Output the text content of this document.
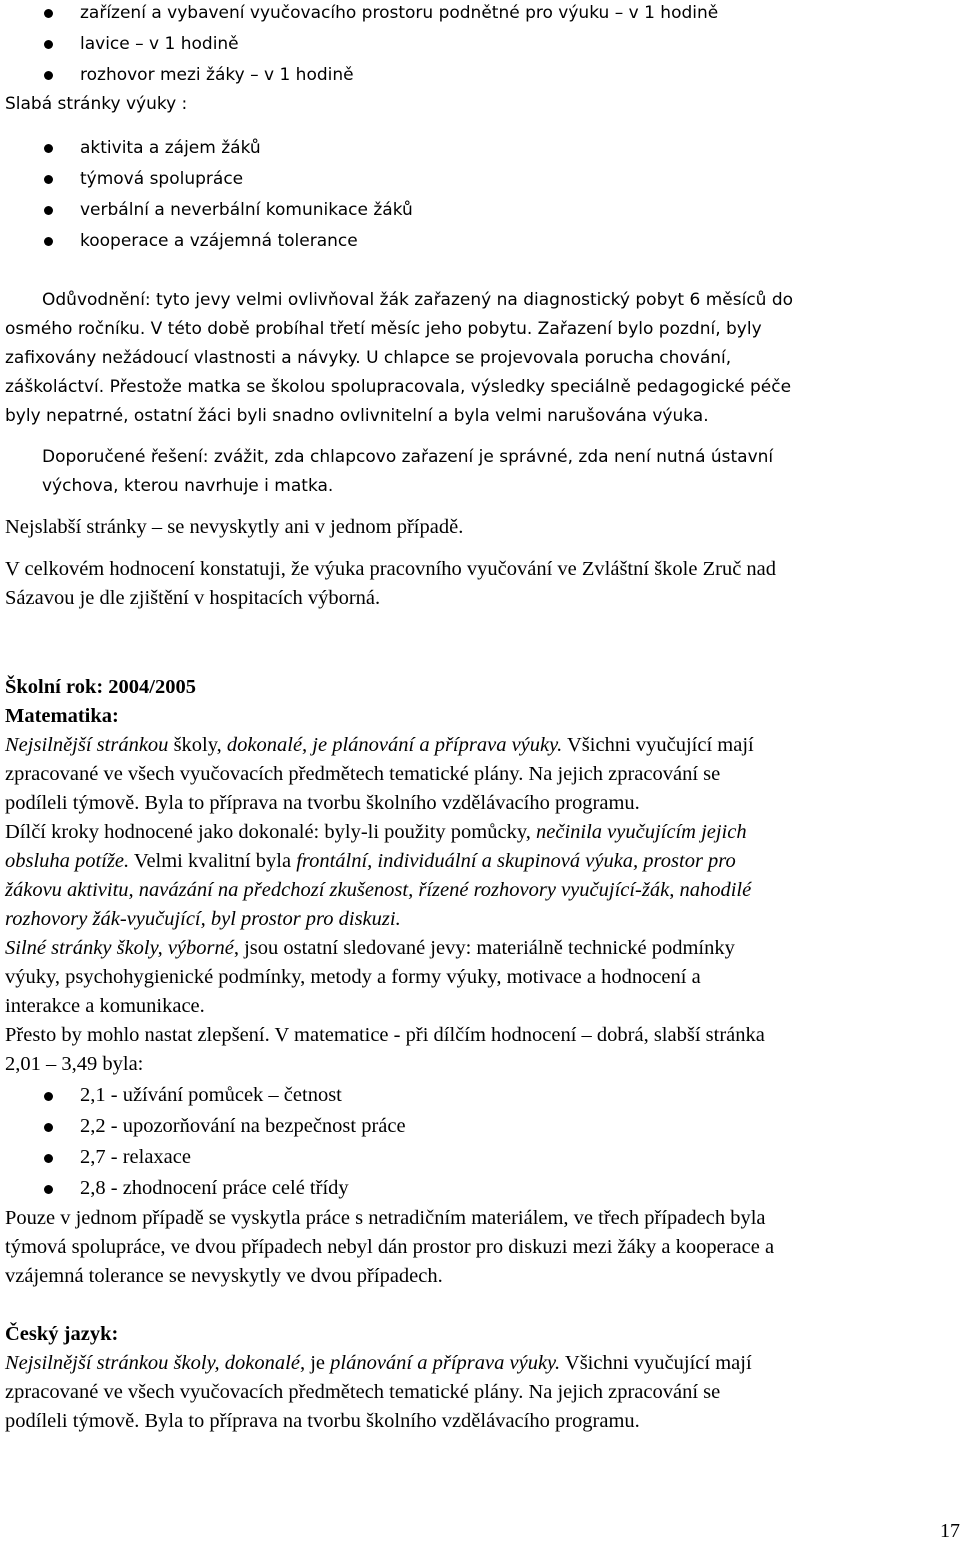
zařízení a vybavení vyučovacího prostoru podnětné pro výuku – v 1 hodině
lavice – v 1 hodině
rozhovor mezi žáky – v 1 hodině
Slabá stránky výuky :
aktivita a zájem žáků
týmová spolupráce
verbální a neverbální komunikace žáků
kooperace a vzájemná tolerance
Odůvodnění: tyto jevy velmi ovlivňoval žák zařazený na diagnostický pobyt 6 měsíců do
osmého ročníku. V této době probíhal třetí měsíc jeho pobytu. Zařazení bylo pozdní, byly
zafixovány nežádoucí vlastnosti a návyky. U chlapce se projevovala porucha chování,
záškoláctví. Přestože matka se školou spolupracovala, výsledky speciálně pedagogické péče
byly nepatrné, ostatní žáci byli snadno ovlivnitelní a byla velmi narušována výuka.
Doporučené řešení: zvážit, zda chlapcovo zařazení je správné, zda není nutná ústavní
výchova, kterou navrhuje i matka.
Nejslabší stránky – se nevyskytly ani v jednom případě.
V celkovém hodnocení konstatuji, že výuka pracovního vyučování ve Zvláštní škole Zruč nad
Sázavou je dle zjištění v hospitacích výborná.
Školní rok: 2004/2005
Matematika:
Nejsilnější stránkou školy, dokonalé, je plánování a příprava výuky. Všichni vyučující mají
zpracované ve všech vyučovacích předmětech tematické plány. Na jejich zpracování se
podíleli týmově. Byla to příprava na tvorbu školního vzdělávacího programu.
Dílčí kroky hodnocené jako dokonalé: byly-li použity pomůcky, nečinila vyučujícím jejich
obsluha potíže. Velmi kvalitní byla frontální, individuální a skupinová výuka, prostor pro
žákovu aktivitu, navázání na předchozí zkušenost, řízené rozhovory vyučující-žák, nahodilé
rozhovory žák-vyučující, byl prostor pro diskuzi.
Silné stránky školy, výborné, jsou ostatní sledované jevy: materiálně technické podmínky
výuky, psychohygienické podmínky, metody a formy výuky, motivace a hodnocení a
interakce a komunikace.
Přesto by mohlo nastat zlepšení. V matematice - při dílčím hodnocení – dobrá, slabší stránka
2,01 – 3,49 byla:
2,1 - užívání pomůcek – četnost
2,2 - upozorňování na bezpečnost práce
2,7 - relaxace
2,8 - zhodnocení práce celé třídy
Pouze v jednom případě se vyskytla práce s netradičním materiálem, ve třech případech byla
týmová spolupráce, ve dvou případech nebyl dán prostor pro diskuzi mezi žáky a kooperace a
vzájemná tolerance se nevyskytly ve dvou případech.
Český jazyk:
Nejsilnější stránkou školy, dokonalé, je plánování a příprava výuky. Všichni vyučující mají
zpracované ve všech vyučovacích předmětech tematické plány. Na jejich zpracování se
podíleli týmově. Byla to příprava na tvorbu školního vzdělávacího programu.
17
